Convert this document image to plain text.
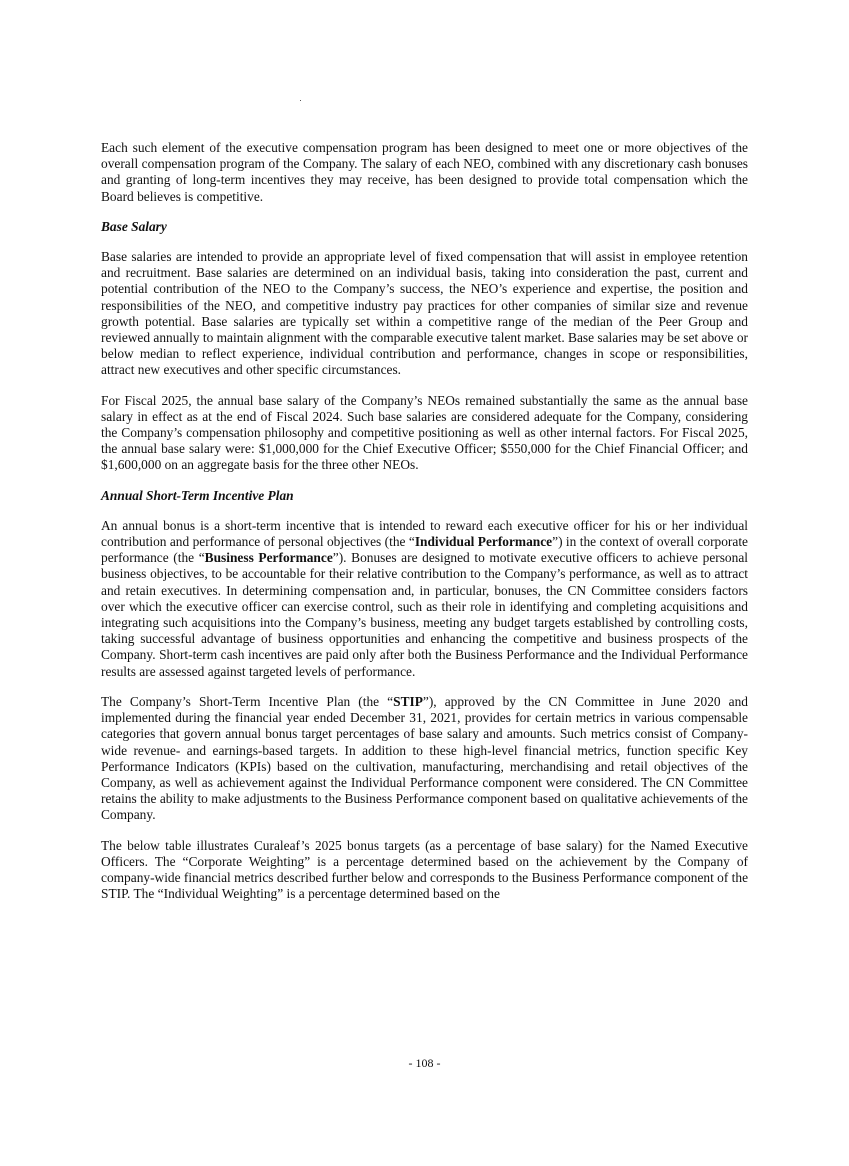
Each such element of the executive compensation program has been designed to meet one or more objectives of the overall compensation program of the Company. The salary of each NEO, combined with any discretionary cash bonuses and granting of long-term incentives they may receive, has been designed to provide total compensation which the Board believes is competitive.

Base Salary

Base salaries are intended to provide an appropriate level of fixed compensation that will assist in employee retention and recruitment. Base salaries are determined on an individual basis, taking into consideration the past, current and potential contribution of the NEO to the Company’s success, the NEO’s experience and expertise, the position and responsibilities of the NEO, and competitive industry pay practices for other companies of similar size and revenue growth potential. Base salaries are typically set within a competitive range of the median of the Peer Group and reviewed annually to maintain alignment with the comparable executive talent market. Base salaries may be set above or below median to reflect experience, individual contribution and performance, changes in scope or responsibilities, attract new executives and other specific circumstances.

For Fiscal 2025, the annual base salary of the Company’s NEOs remained substantially the same as the annual base salary in effect as at the end of Fiscal 2024. Such base salaries are considered adequate for the Company, considering the Company’s compensation philosophy and competitive positioning as well as other internal factors. For Fiscal 2025, the annual base salary were: $1,000,000 for the Chief Executive Officer; $550,000 for the Chief Financial Officer; and $1,600,000 on an aggregate basis for the three other NEOs.

Annual Short-Term Incentive Plan

An annual bonus is a short-term incentive that is intended to reward each executive officer for his or her individual contribution and performance of personal objectives (the “Individual Performance”) in the context of overall corporate performance (the “Business Performance”). Bonuses are designed to motivate executive officers to achieve personal business objectives, to be accountable for their relative contribution to the Company’s performance, as well as to attract and retain executives. In determining compensation and, in particular, bonuses, the CN Committee considers factors over which the executive officer can exercise control, such as their role in identifying and completing acquisitions and integrating such acquisitions into the Company’s business, meeting any budget targets established by controlling costs, taking successful advantage of business opportunities and enhancing the competitive and business prospects of the Company. Short-term cash incentives are paid only after both the Business Performance and the Individual Performance results are assessed against targeted levels of performance.

The Company’s Short-Term Incentive Plan (the “STIP”), approved by the CN Committee in June 2020 and implemented during the financial year ended December 31, 2021, provides for certain metrics in various compensable categories that govern annual bonus target percentages of base salary and amounts. Such metrics consist of Company-wide revenue- and earnings-based targets. In addition to these high-level financial metrics, function specific Key Performance Indicators (KPIs) based on the cultivation, manufacturing, merchandising and retail objectives of the Company, as well as achievement against the Individual Performance component were considered. The CN Committee retains the ability to make adjustments to the Business Performance component based on qualitative achievements of the Company.

The below table illustrates Curaleaf’s 2025 bonus targets (as a percentage of base salary) for the Named Executive Officers. The “Corporate Weighting” is a percentage determined based on the achievement by the Company of company-wide financial metrics described further below and corresponds to the Business Performance component of the STIP. The “Individual Weighting” is a percentage determined based on the

- 108 -
